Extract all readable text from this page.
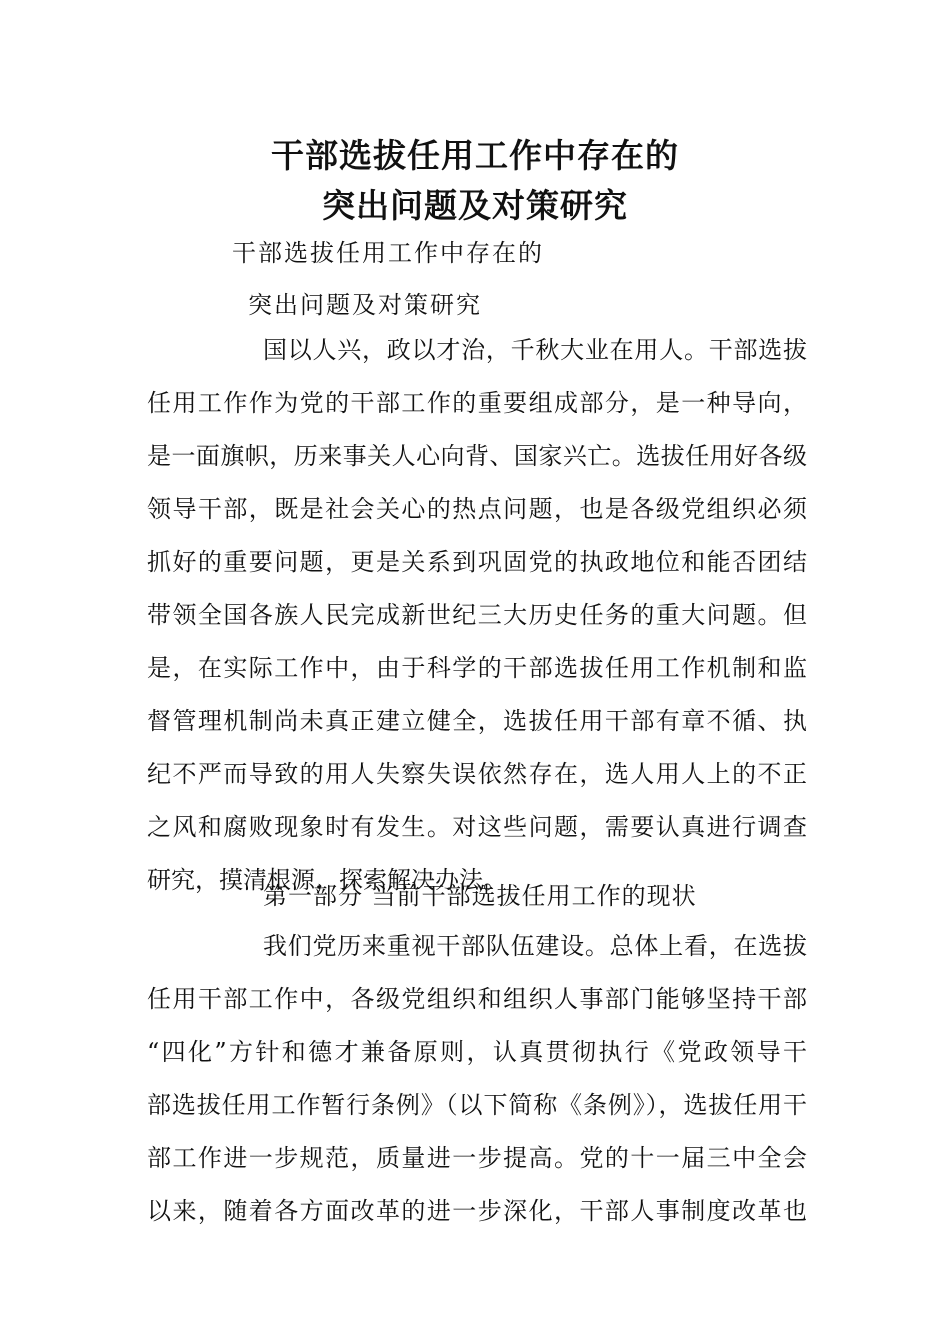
干部选拔任用工作中存在的
突出问题及对策研究
干部选拔任用工作中存在的
突出问题及对策研究
国以人兴，政以才治，千秋大业在用人。干部选拔
任用工作作为党的干部工作的重要组成部分，是一种导向，
是一面旗帜，历来事关人心向背、国家兴亡。选拔任用好各级
领导干部，既是社会关心的热点问题，也是各级党组织必须
抓好的重要问题，更是关系到巩固党的执政地位和能否团结
带领全国各族人民完成新世纪三大历史任务的重大问题。但
是，在实际工作中，由于科学的干部选拔任用工作机制和监
督管理机制尚未真正建立健全，选拔任用干部有章不循、执
纪不严而导致的用人失察失误依然存在，选人用人上的不正
之风和腐败现象时有发生。对这些问题，需要认真进行调查
研究，摸清根源，探索解决办法。
第一部分 当前干部选拔任用工作的现状
我们党历来重视干部队伍建设。总体上看，在选拔
任用干部工作中，各级党组织和组织人事部门能够坚持干部
“四化”方针和德才兼备原则，认真贯彻执行《党政领导干
部选拔任用工作暂行条例》（以下简称《条例》），选拔任用干
部工作进一步规范，质量进一步提高。党的十一届三中全会
以来，随着各方面改革的进一步深化，干部人事制度改革也
